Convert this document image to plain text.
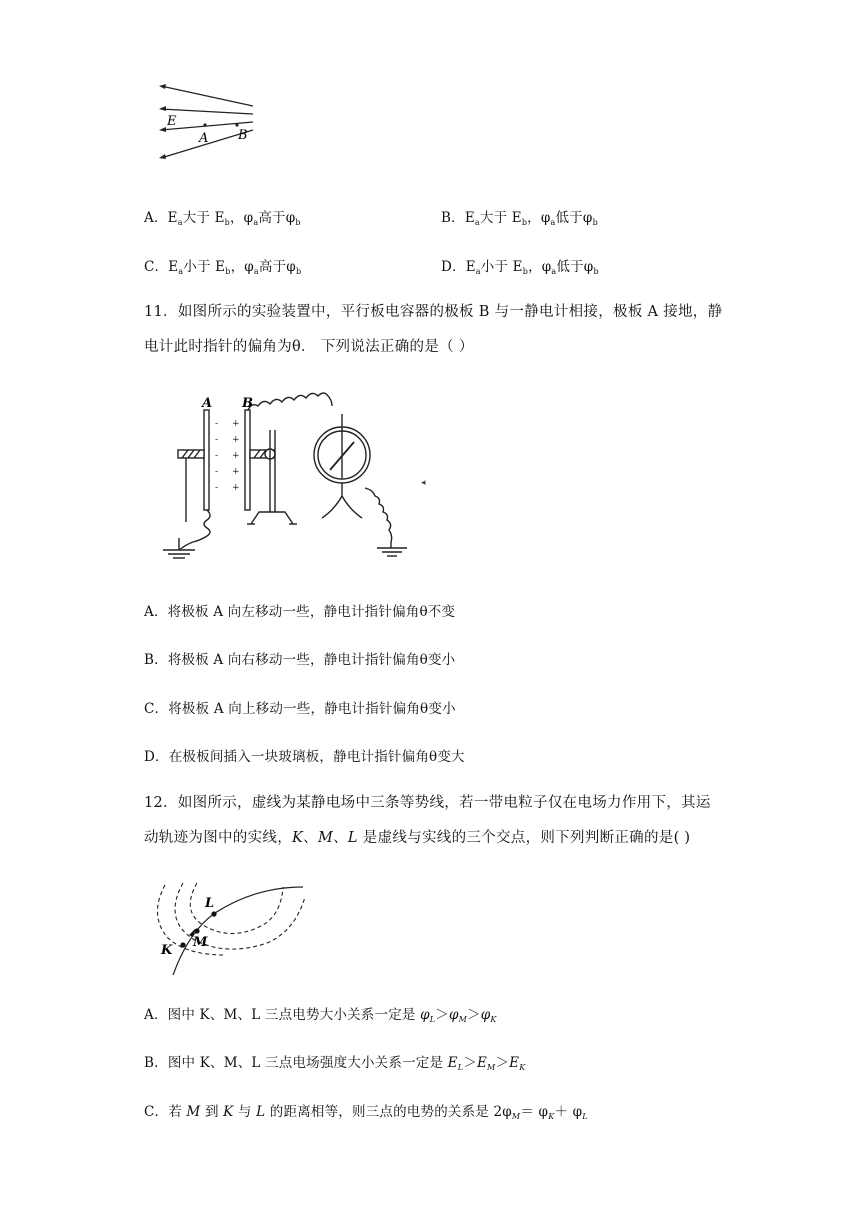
E
A B
A．$E_a$大于 $E_b$，$\varphi_a$高于$\varphi_b$	B．$E_a$大于 $E_b$，$\varphi_a$低于$\varphi_b$
C．$E_a$小于 $E_b$，$\varphi_a$高于$\varphi_b$	D．$E_a$小于 $E_b$，$\varphi_a$低于$\varphi_b$
11．如图所示的实验装置中，平行板电容器的极板 B 与一静电计相接，极板 A 接地，静
电计此时指针的偏角为θ． 下列说法正确的是（ ）
-
-
-
-
-
+
+
+
+
+
A B
◂
A．将极板 A 向左移动一些，静电计指针偏角θ不变
B．将极板 A 向右移动一些，静电计指针偏角θ变小
C．将极板 A 向上移动一些，静电计指针偏角θ变小
D．在极板间插入一块玻璃板，静电计指针偏角θ变大
12．如图所示，虚线为某静电场中三条等势线，若一带电粒子仅在电场力作用下，其运
动轨迹为图中的实线，K、M、L 是虚线与实线的三个交点，则下列判断正确的是( )
L
M
K
A．图中 K、M、L 三点电势大小关系一定是 $\varphi_L>\varphi_M>\varphi_K$
B．图中 K、M、L 三点电场强度大小关系一定是 $E_L>E_M>E_K$
C．若 M 到 K 与 L 的距离相等，则三点的电势的关系是 $2\varphi_M= \varphi_K+ \varphi_L$
